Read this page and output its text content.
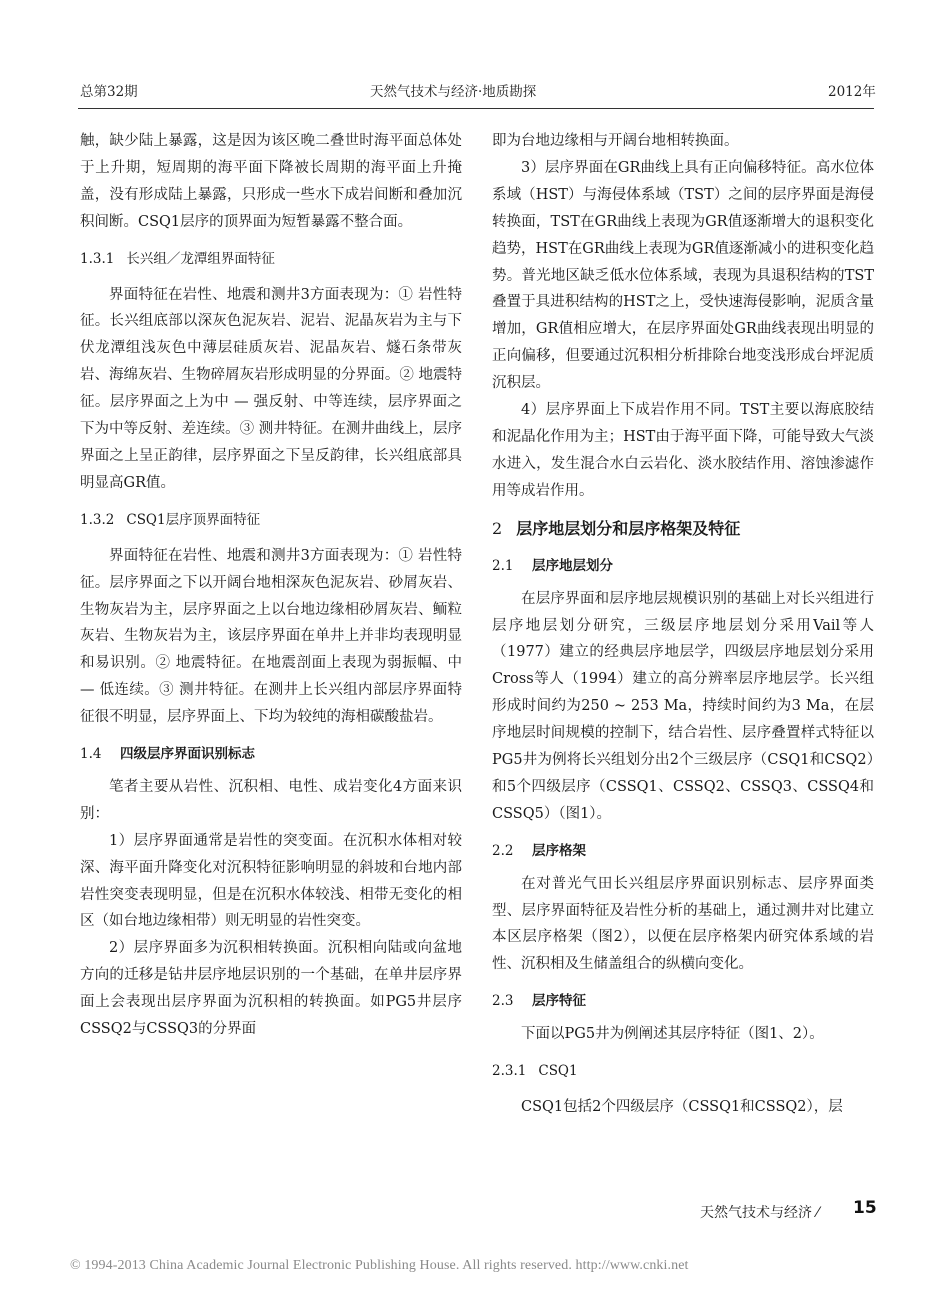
总第32期	天然气技术与经济·地质勘探	2012年
触，缺少陆上暴露，这是因为该区晚二叠世时海平面总体处于上升期，短周期的海平面下降被长周期的海平面上升掩盖，没有形成陆上暴露，只形成一些水下成岩间断和叠加沉积间断。CSQ1层序的顶界面为短暂暴露不整合面。
1.3.1 长兴组／龙潭组界面特征
界面特征在岩性、地震和测井3方面表现为：① 岩性特征。长兴组底部以深灰色泥灰岩、泥岩、泥晶灰岩为主与下伏龙潭组浅灰色中薄层硅质灰岩、泥晶灰岩、燧石条带灰岩、海绵灰岩、生物碎屑灰岩形成明显的分界面。② 地震特征。层序界面之上为中 — 强反射、中等连续，层序界面之下为中等反射、差连续。③ 测井特征。在测井曲线上，层序界面之上呈正韵律，层序界面之下呈反韵律，长兴组底部具明显高GR值。
1.3.2 CSQ1层序顶界面特征
界面特征在岩性、地震和测井3方面表现为：① 岩性特征。层序界面之下以开阔台地相深灰色泥灰岩、砂屑灰岩、生物灰岩为主，层序界面之上以台地边缘相砂屑灰岩、鲕粒灰岩、生物灰岩为主，该层序界面在单井上并非均表现明显和易识别。② 地震特征。在地震剖面上表现为弱振幅、中 — 低连续。③ 测井特征。在测井上长兴组内部层序界面特征很不明显，层序界面上、下均为较纯的海相碳酸盐岩。
1.4 四级层序界面识别标志
笔者主要从岩性、沉积相、电性、成岩变化4方面来识别：
1）层序界面通常是岩性的突变面。在沉积水体相对较深、海平面升降变化对沉积特征影响明显的斜坡和台地内部岩性突变表现明显，但是在沉积水体较浅、相带无变化的相区（如台地边缘相带）则无明显的岩性突变。
2）层序界面多为沉积相转换面。沉积相向陆或向盆地方向的迁移是钻井层序地层识别的一个基础，在单井层序界面上会表现出层序界面为沉积相的转换面。如PG5井层序CSSQ2与CSSQ3的分界面
即为台地边缘相与开阔台地相转换面。
3）层序界面在GR曲线上具有正向偏移特征。高水位体系域（HST）与海侵体系域（TST）之间的层序界面是海侵转换面，TST在GR曲线上表现为GR值逐渐增大的退积变化趋势，HST在GR曲线上表现为GR值逐渐减小的进积变化趋势。普光地区缺乏低水位体系域，表现为具退积结构的TST叠置于具进积结构的HST之上，受快速海侵影响，泥质含量增加，GR值相应增大，在层序界面处GR曲线表现出明显的正向偏移，但要通过沉积相分析排除台地变浅形成台坪泥质沉积层。
4）层序界面上下成岩作用不同。TST主要以海底胶结和泥晶化作用为主；HST由于海平面下降，可能导致大气淡水进入，发生混合水白云岩化、淡水胶结作用、溶蚀渗滤作用等成岩作用。
2 层序地层划分和层序格架及特征
2.1 层序地层划分
在层序界面和层序地层规模识别的基础上对长兴组进行层序地层划分研究，三级层序地层划分采用Vail等人（1977）建立的经典层序地层学，四级层序地层划分采用Cross等人（1994）建立的高分辨率层序地层学。长兴组形成时间约为250 ~ 253 Ma，持续时间约为3 Ma，在层序地层时间规模的控制下，结合岩性、层序叠置样式特征以PG5井为例将长兴组划分出2个三级层序（CSQ1和CSQ2）和5个四级层序（CSSQ1、CSSQ2、CSSQ3、CSSQ4和CSSQ5）（图1）。
2.2 层序格架
在对普光气田长兴组层序界面识别标志、层序界面类型、层序界面特征及岩性分析的基础上，通过测井对比建立本区层序格架（图2），以便在层序格架内研究体系域的岩性、沉积相及生储盖组合的纵横向变化。
2.3 层序特征
下面以PG5井为例阐述其层序特征（图1、2）。
2.3.1 CSQ1
CSQ1包括2个四级层序（CSSQ1和CSSQ2），层
天然气技术与经济 ⁄ 15
© 1994-2013 China Academic Journal Electronic Publishing House. All rights reserved. http://www.cnki.net
